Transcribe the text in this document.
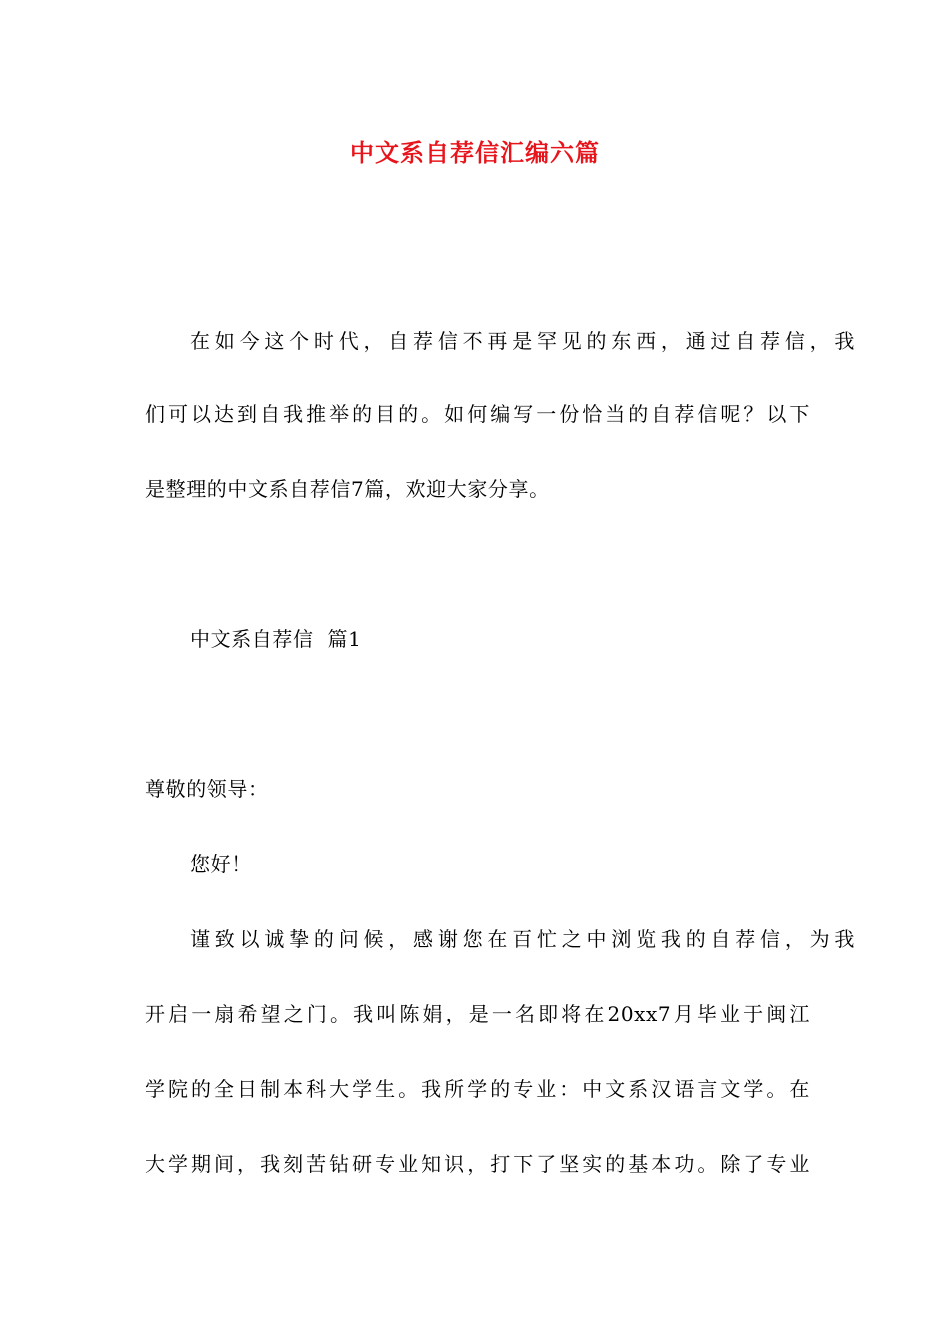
中文系自荐信汇编六篇
在如今这个时代，自荐信不再是罕见的东西，通过自荐信，我
们可以达到自我推举的目的。如何编写一份恰当的自荐信呢？以下
是整理的中文系自荐信7篇，欢迎大家分享。
中文系自荐信  篇1
尊敬的领导：
您好！
谨致以诚挚的问候，感谢您在百忙之中浏览我的自荐信，为我
开启一扇希望之门。我叫陈娟，是一名即将在20xx7月毕业于闽江
学院的全日制本科大学生。我所学的专业：中文系汉语言文学。在
大学期间，我刻苦钻研专业知识，打下了坚实的基本功。除了专业
